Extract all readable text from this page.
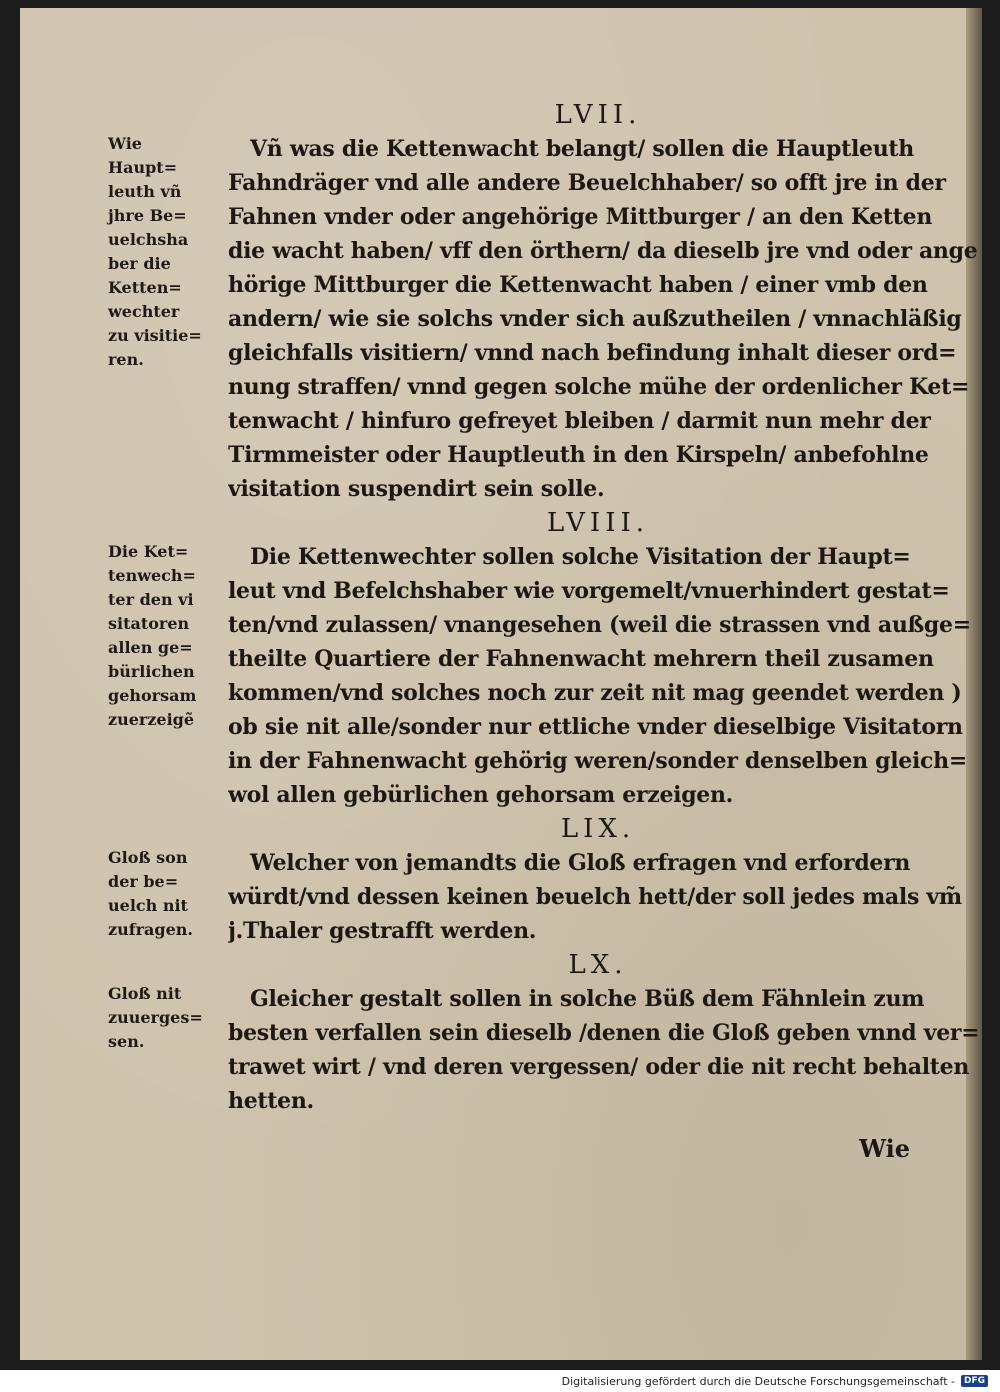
LVII.
Wie
Haupt=
leuth vñ
jhre Be=
uelchsha
ber die
Ketten=
wechter
zu visitie=
ren.
Vñ was die Kettenwacht belangt/ sollen die Hauptleuth
Fahndräger vnd alle andere Beuelchhaber/ so offt jre in der
Fahnen vnder oder angehörige Mittburger / an den Ketten
die wacht haben/ vff den örthern/ da dieselb jre vnd oder ange
hörige Mittburger die Kettenwacht haben / einer vmb den
andern/ wie sie solchs vnder sich außzutheilen / vnnachläßig
gleichfalls visitiern/ vnnd nach befindung inhalt dieser ord=
nung straffen/ vnnd gegen solche mühe der ordenlicher Ket=
tenwacht / hinfuro gefreyet bleiben / darmit nun mehr der
Tirmmeister oder Hauptleuth in den Kirspeln/ anbefohlne
visitation suspendirt sein solle.
LVIII.
Die Ket=
tenwech=
ter den vi
sitatoren
allen ge=
bürlichen
gehorsam
zuerzeigẽ
Die Kettenwechter sollen solche Visitation der Haupt=
leut vnd Befelchshaber wie vorgemelt/vnuerhindert gestat=
ten/vnd zulassen/ vnangesehen (weil die strassen vnd außge=
theilte Quartiere der Fahnenwacht mehrern theil zusamen
kommen/vnd solches noch zur zeit nit mag geendet werden )
ob sie nit alle/sonder nur ettliche vnder dieselbige Visitatorn
in der Fahnenwacht gehörig weren/sonder denselben gleich=
wol allen gebürlichen gehorsam erzeigen.
LIX.
Gloß son
der be=
uelch nit
zufragen.
Welcher von jemandts die Gloß erfragen vnd erfordern
würdt/vnd dessen keinen beuelch hett/der soll jedes mals vm̃
j.Thaler gestrafft werden.
LX.
Gloß nit
zuuerges=
sen.
Gleicher gestalt sollen in solche Büß dem Fähnlein zum
besten verfallen sein dieselb /denen die Gloß geben vnnd ver=
trawet wirt / vnd deren vergessen/ oder die nit recht behalten
hetten.
Wie
Digitalisierung gefördert durch die Deutsche Forschungsgemeinschaft -	DFG
